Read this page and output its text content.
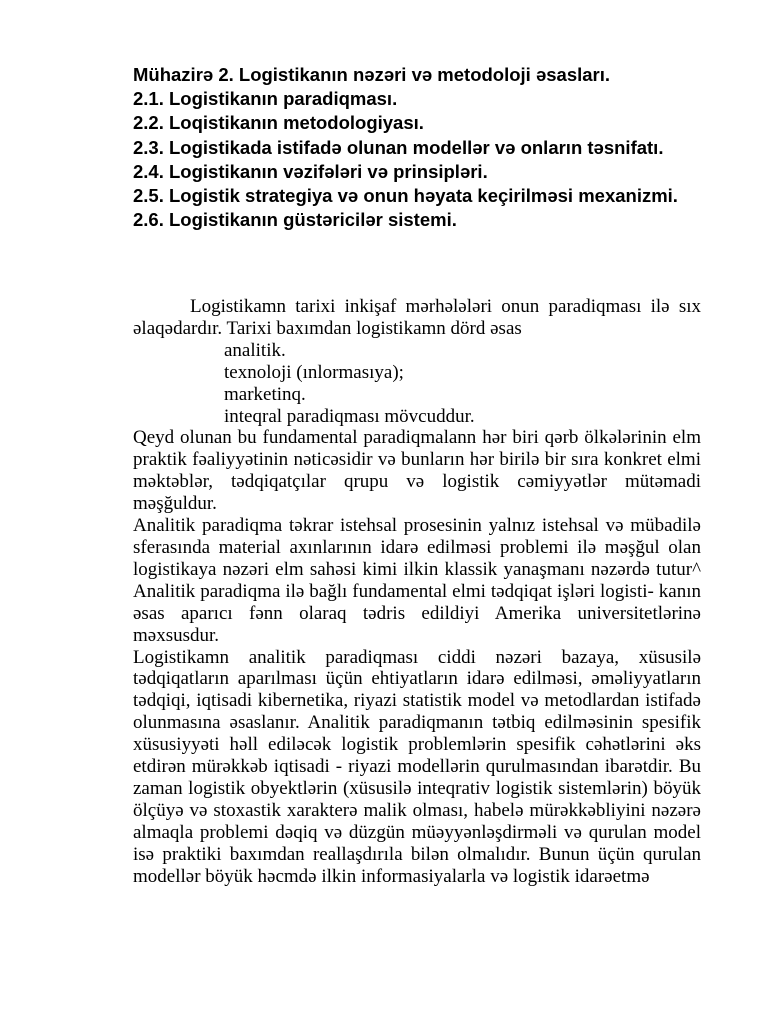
Mühazirə 2. Logistikanın nəzəri və metodoloji əsasları.
2.1. Logistikanın paradiqması.
2.2. Loqistikanın metodologiyası.
2.3. Logistikada istifadə olunan modellər və onların təsnifatı.
2.4. Logistikanın vəzifələri və prinsipləri.
2.5. Logistik strategiya və onun həyata keçirilməsi mexanizmi.
2.6. Logistikanın güstəricilər sistemi.

Logistikamn tarixi inkişaf mərhələləri onun paradiqması ilə sıx əlaqədardır. Tarixi baxımdan logistikamn dörd əsas

analitik.
texnoloji (ınlormasıya);
marketinq.
inteqral paradiqması mövcuddur.

Qeyd olunan bu fundamental paradiqmalann hər biri qərb ölkələrinin elm praktik fəaliyyətinin nəticəsidir və bunların hər birilə bir sıra konkret elmi məktəblər, tədqiqatçılar qrupu və logistik cəmiyyətlər mütəmadi məşğuldur.

Analitik paradiqma təkrar istehsal prosesinin yalnız istehsal və mübadilə sferasında material axınlarının idarə edilməsi problemi ilə məşğul olan logistikaya nəzəri elm sahəsi kimi ilkin klassik yanaşmanı nəzərdə tutur^ Analitik paradiqma ilə bağlı fundamental elmi tədqiqat işləri logisti- kanın əsas aparıcı fənn olaraq tədris edildiyi Amerika universitetlərinə məxsusdur.

Logistikamn analitik paradiqması ciddi nəzəri bazaya, xüsusilə tədqiqatların aparılması üçün ehtiyatların idarə edilməsi, əməliyyatların tədqiqi, iqtisadi kibernetika, riyazi statistik model və metodlardan istifadə olunmasına əsaslanır. Analitik paradiqmanın tətbiq edilməsinin spesifik xüsusiyyəti həll ediləcək logistik problemlərin spesifik cəhətlərini əks etdirən mürəkkəb iqtisadi - riyazi modellərin qurulmasından ibarətdir. Bu zaman logistik obyektlərin (xüsusilə inteqrativ logistik sistemlərin) böyük ölçüyə və stoxastik xarakterə malik olması, habelə mürəkkəbliyini nəzərə almaqla problemi dəqiq və düzgün müəyyənləşdirməli və qurulan model isə praktiki baxımdan reallaşdırıla bilən olmalıdır. Bunun üçün qurulan modellər böyük həcmdə ilkin informasiyalarla və logistik idarəetmə
